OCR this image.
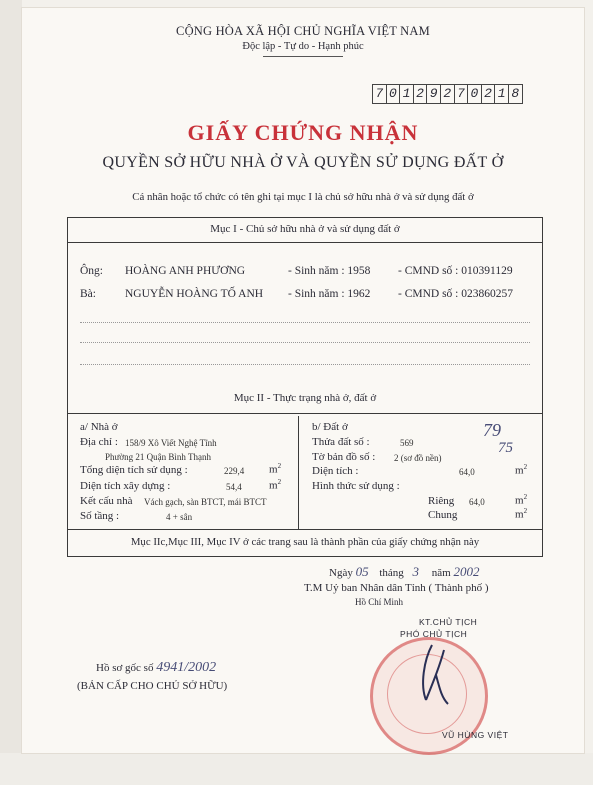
CỘNG HÒA XÃ HỘI CHỦ NGHĨA VIỆT NAM
Độc lập - Tự do - Hạnh phúc
7 0 1 2 9 2 7 0 2 1 8
GIẤY CHỨNG NHẬN
QUYỀN SỞ HỮU NHÀ Ở VÀ QUYỀN SỬ DỤNG ĐẤT Ở
Cá nhân hoặc tổ chức có tên ghi tại mục I là chủ sở hữu nhà ở và sử dụng đất ở
Mục I - Chủ sở hữu nhà ở và sử dụng đất ở
Ông: HOÀNG ANH PHƯƠNG	- Sinh năm : 1958 - CMND số : 010391129
Bà:	NGUYỄN HOÀNG TỐ ANH - Sinh năm : 1962 - CMND số : 023860257
Mục II - Thực trạng nhà ở, đất ở
a/ Nhà ở
Địa chỉ : 158/9 Xô Viết Nghệ Tĩnh
Phường 21 Quận Bình Thạnh
Tổng diện tích sử dụng :	229,4 $m^2$
Diện tích xây dựng :	54,4 $m^2$
Kết cấu nhà Vách gạch, sàn BTCT, mái BTCT
Số tầng :	4 + sân
b/ Đất ở
Thửa đất số :	569
79
Tờ bản đồ số : 2 (sơ đồ nền)
75
Diện tích :	64,0	$m^2$
Hình thức sử dụng :
Riêng 64,0	$m^2$
Chung	$m^2$
Mục IIc,Mục III, Mục IV ở các trang sau là thành phần của giấy chứng nhận này
Ngày 05 tháng 3 năm 2002
T.M Uỷ ban Nhân dân Tỉnh ( Thành phố )
Hồ Chí Minh
KT.CHỦ TỊCH
PHÓ CHỦ TỊCH
VŨ HÙNG VIỆT
Hồ sơ gốc số 4941/2002
(BẢN CẤP CHO CHỦ SỞ HỮU)
